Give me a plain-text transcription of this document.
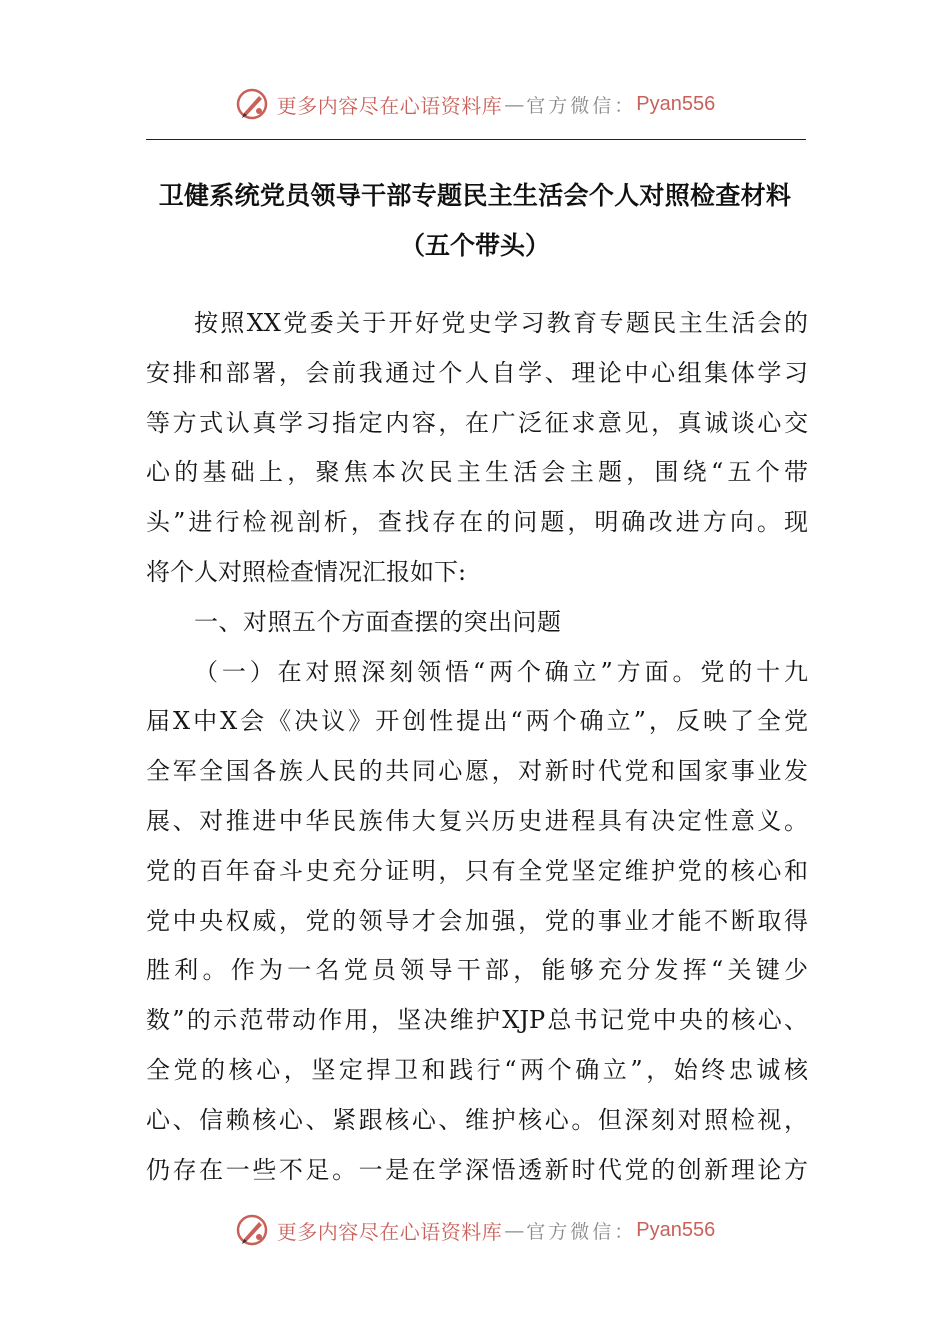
更多内容尽在心语资料库 — 官方微信： Pyan556
卫健系统党员领导干部专题民主生活会个人对照检查材料
（五个带头）
按照XX党委关于开好党史学习教育专题民主生活会的
安排和部署，会前我通过个人自学、理论中心组集体学习
等方式认真学习指定内容，在广泛征求意见，真诚谈心交
心的基础上，聚焦本次民主生活会主题，围绕“五个带
头”进行检视剖析，查找存在的问题，明确改进方向。现
将个人对照检查情况汇报如下:
一、对照五个方面查摆的突出问题
（一）在对照深刻领悟“两个确立”方面。党的十九
届X中X会《决议》开创性提出“两个确立”，反映了全党
全军全国各族人民的共同心愿，对新时代党和国家事业发
展、对推进中华民族伟大复兴历史进程具有决定性意义。
党的百年奋斗史充分证明，只有全党坚定维护党的核心和
党中央权威，党的领导才会加强，党的事业才能不断取得
胜利。作为一名党员领导干部，能够充分发挥“关键少
数”的示范带动作用，坚决维护XJP总书记党中央的核心、
全党的核心，坚定捍卫和践行“两个确立”，始终忠诚核
心、信赖核心、紧跟核心、维护核心。但深刻对照检视，
仍存在一些不足。一是在学深悟透新时代党的创新理论方
更多内容尽在心语资料库 — 官方微信： Pyan556
